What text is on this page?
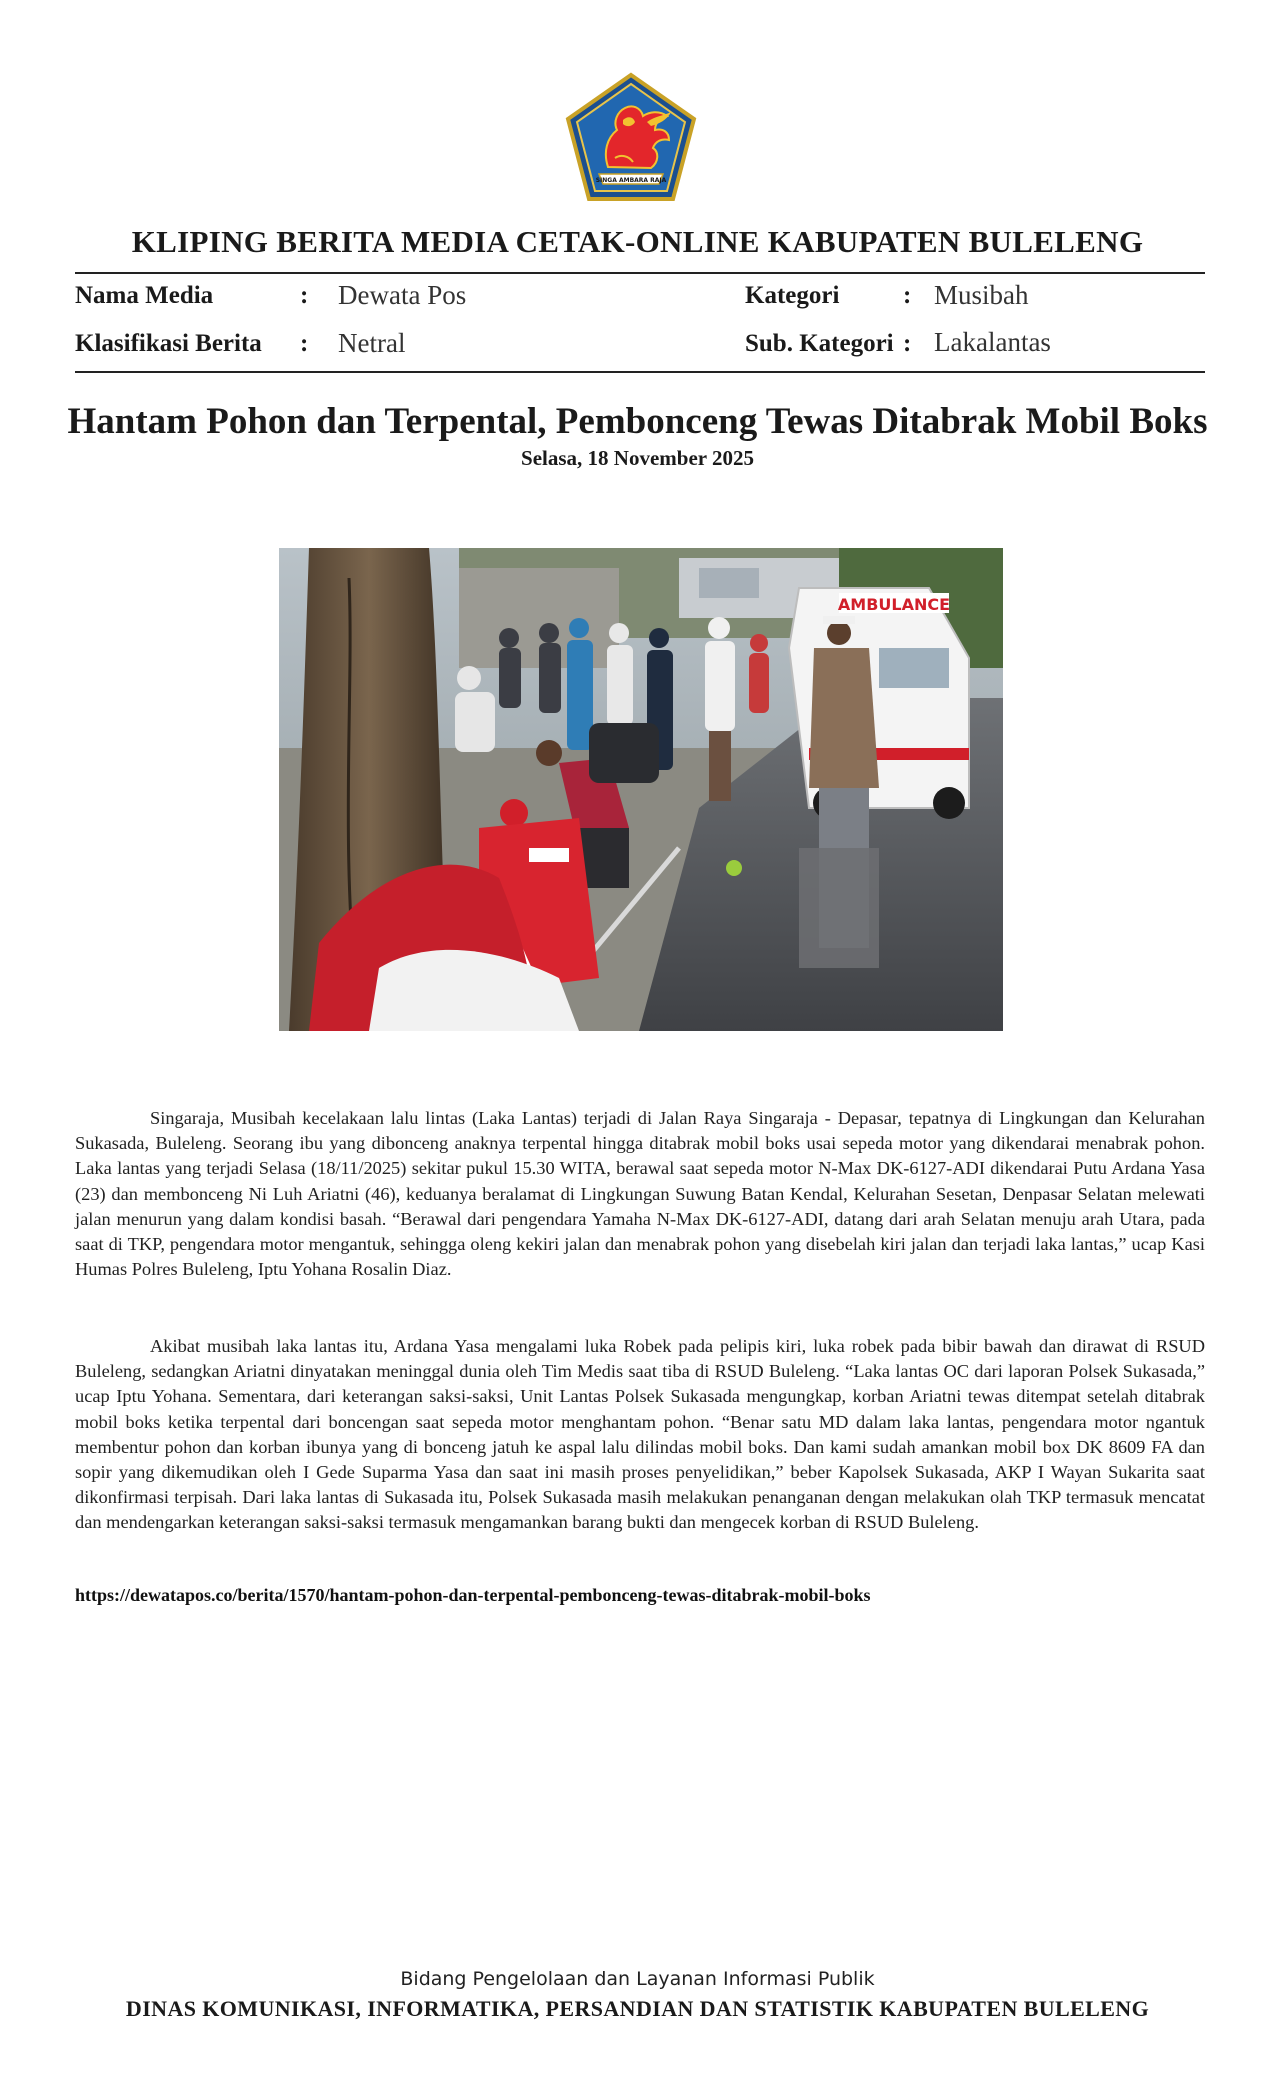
SINGA AMBARA RAJA
KLIPING BERITA MEDIA CETAK-ONLINE KABUPATEN BULELENG
Nama Media	: Dewata Pos
Klasifikasi Berita : Netral
Kategori	: Musibah
Sub. Kategori : Lakalantas
Hantam Pohon dan Terpental, Pembonceng Tewas Ditabrak Mobil Boks
Selasa, 18 November 2025
AMBULANCE

Singaraja, Musibah kecelakaan lalu lintas (Laka Lantas) terjadi di Jalan Raya Singaraja - Depasar, tepatnya di Lingkungan dan Kelurahan Sukasada, Buleleng. Seorang ibu yang dibonceng anaknya terpental hingga ditabrak mobil boks usai sepeda motor yang dikendarai menabrak pohon. Laka lantas yang terjadi Selasa (18/11/2025) sekitar pukul 15.30 WITA, berawal saat sepeda motor N-Max DK-6127-ADI dikendarai Putu Ardana Yasa (23) dan membonceng Ni Luh Ariatni (46), keduanya beralamat di Lingkungan Suwung Batan Kendal, Kelurahan Sesetan, Denpasar Selatan melewati jalan menurun yang dalam kondisi basah. “Berawal dari pengendara Yamaha N-Max DK-6127-ADI, datang dari arah Selatan menuju arah Utara, pada saat di TKP, pengendara motor mengantuk, sehingga oleng kekiri jalan dan menabrak pohon yang disebelah kiri jalan dan terjadi laka lantas,” ucap Kasi Humas Polres Buleleng, Iptu Yohana Rosalin Diaz.

Akibat musibah laka lantas itu, Ardana Yasa mengalami luka Robek pada pelipis kiri, luka robek pada bibir bawah dan dirawat di RSUD Buleleng, sedangkan Ariatni dinyatakan meninggal dunia oleh Tim Medis saat tiba di RSUD Buleleng. “Laka lantas OC dari laporan Polsek Sukasada,” ucap Iptu Yohana. Sementara, dari keterangan saksi-saksi, Unit Lantas Polsek Sukasada mengungkap, korban Ariatni tewas ditempat setelah ditabrak mobil boks ketika terpental dari boncengan saat sepeda motor menghantam pohon. “Benar satu MD dalam laka lantas, pengendara motor ngantuk membentur pohon dan korban ibunya yang di bonceng jatuh ke aspal lalu dilindas mobil boks. Dan kami sudah amankan mobil box DK 8609 FA dan sopir yang dikemudikan oleh I Gede Suparma Yasa dan saat ini masih proses penyelidikan,” beber Kapolsek Sukasada, AKP I Wayan Sukarita saat dikonfirmasi terpisah. Dari laka lantas di Sukasada itu, Polsek Sukasada masih melakukan penanganan dengan melakukan olah TKP termasuk mencatat dan mendengarkan keterangan saksi-saksi termasuk mengamankan barang bukti dan mengecek korban di RSUD Buleleng.

https://dewatapos.co/berita/1570/hantam-pohon-dan-terpental-pembonceng-tewas-ditabrak-mobil-boks
Bidang Pengelolaan dan Layanan Informasi Publik
DINAS KOMUNIKASI, INFORMATIKA, PERSANDIAN DAN STATISTIK KABUPATEN BULELENG
